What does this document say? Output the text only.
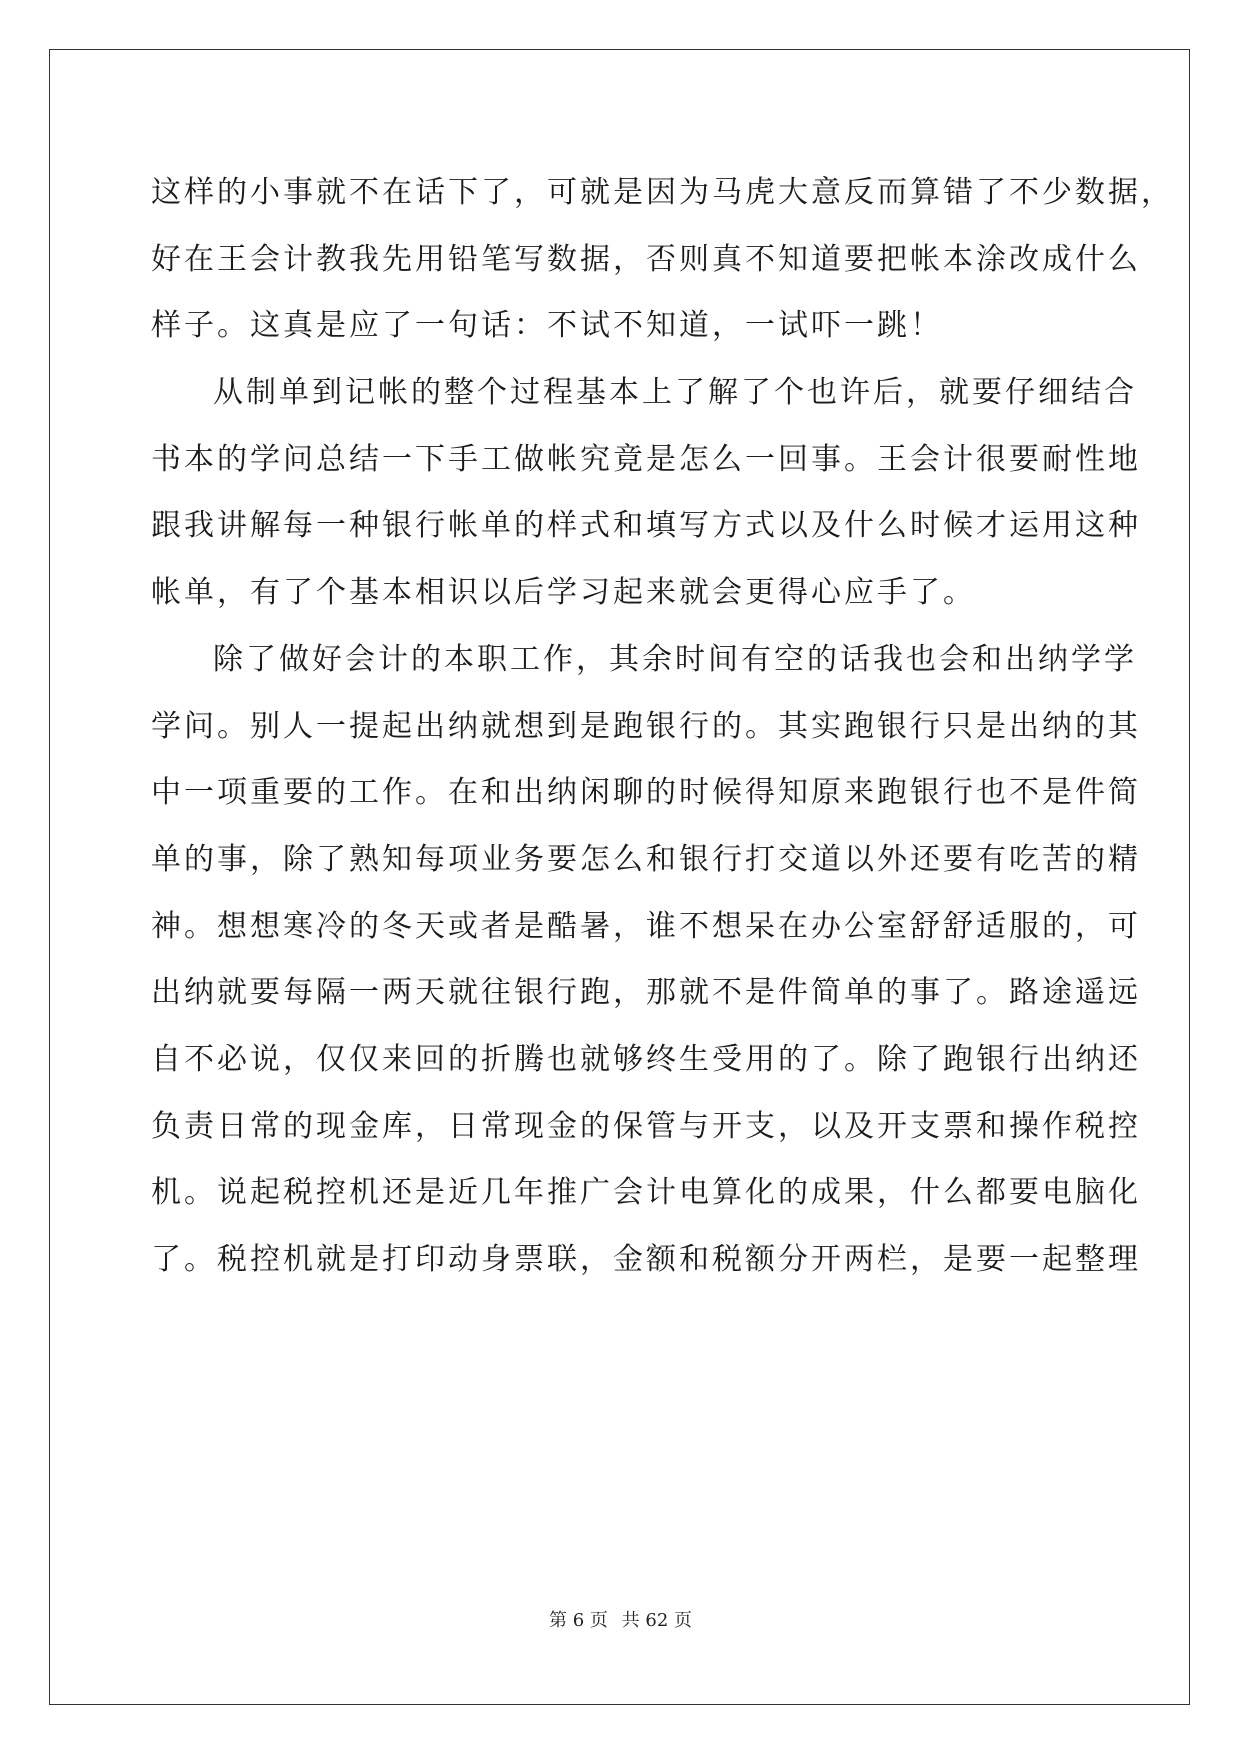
这样的小事就不在话下了，可就是因为马虎大意反而算错了不少数据，
好在王会计教我先用铅笔写数据，否则真不知道要把帐本涂改成什么
样子。这真是应了一句话：不试不知道，一试吓一跳！
从制单到记帐的整个过程基本上了解了个也许后，就要仔细结合
书本的学问总结一下手工做帐究竟是怎么一回事。王会计很要耐性地
跟我讲解每一种银行帐单的样式和填写方式以及什么时候才运用这种
帐单，有了个基本相识以后学习起来就会更得心应手了。
除了做好会计的本职工作，其余时间有空的话我也会和出纳学学
学问。别人一提起出纳就想到是跑银行的。其实跑银行只是出纳的其
中一项重要的工作。在和出纳闲聊的时候得知原来跑银行也不是件简
单的事，除了熟知每项业务要怎么和银行打交道以外还要有吃苦的精
神。想想寒冷的冬天或者是酷暑，谁不想呆在办公室舒舒适服的，可
出纳就要每隔一两天就往银行跑，那就不是件简单的事了。路途遥远
自不必说，仅仅来回的折腾也就够终生受用的了。除了跑银行出纳还
负责日常的现金库，日常现金的保管与开支，以及开支票和操作税控
机。说起税控机还是近几年推广会计电算化的成果，什么都要电脑化
了。税控机就是打印动身票联，金额和税额分开两栏，是要一起整理
第 6 页 共 62 页
